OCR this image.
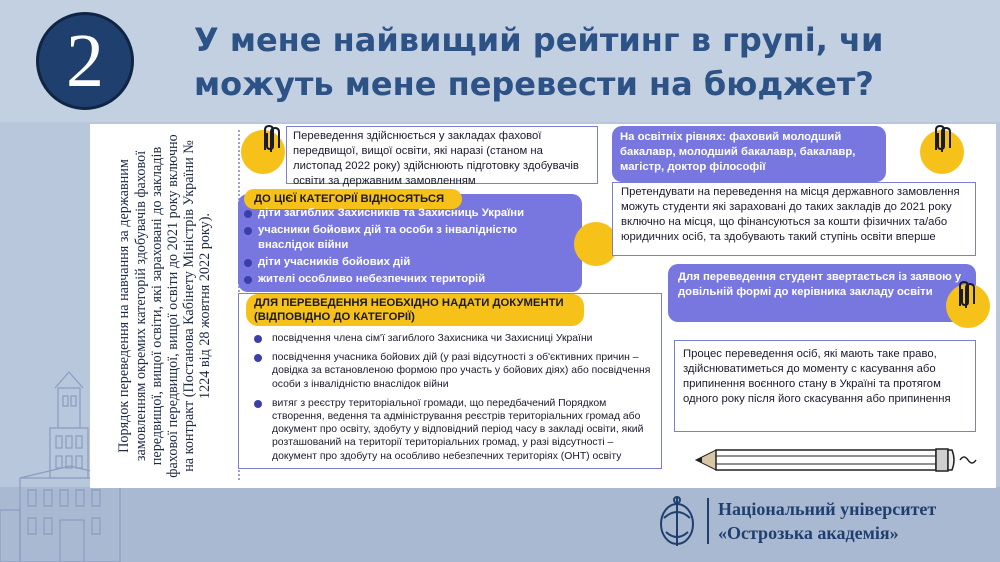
2	У мене найвищий рейтинг в групі, чи можуть мене перевести на бюджет?
Порядок переведення на навчання за державним замовленням окремих категорій здобувачів фахової передвищої, вищої освіти, які зараховані до закладів фахової передвищої, вищої освіти до 2021 року включно на контракт (Постанова Кабінету Міністрів України № 1224 від 28 жовтня 2022 року).
Переведення здійснюється у закладах фахової передвищої, вищої освіти, які наразі (станом на листопад 2022 року) здійснюють підготовку здобувачів освіти за державним замовленням
На освітніх рівнях: фаховий молодший бакалавр, молодший бакалавр, бакалавр, магістр, доктор філософії
ДО ЦІЄЇ КАТЕГОРІЇ ВІДНОСЯТЬСЯ
діти загиблих Захисників та Захисниць України
учасники бойових дій та особи з інвалідністю внаслідок війни
діти учасників бойових дій
жителі особливо небезпечних територій
Претендувати на переведення на місця державного замовлення можуть студенти які зараховані до таких закладів до 2021 року включно на місця, що фінансуються за кошти фізичних та/або юридичних осіб, та здобувають такий ступінь освіти вперше
Для переведення студент звертається із заявою у довільній формі до керівника закладу освіти
ДЛЯ ПЕРЕВЕДЕННЯ НЕОБХІДНО НАДАТИ ДОКУМЕНТИ (ВІДПОВІДНО ДО КАТЕГОРІЇ)
посвідчення члена сім'ї загиблого Захисника чи Захисниці України
посвідчення учасника бойових дій (у разі відсутності з об'єктивних причин – довідка за встановленою формою про участь у бойових діях) або посвідчення особи з інвалідністю внаслідок війни
витяг з реєстру територіальної громади, що передбачений Порядком створення, ведення та адміністрування реєстрів територіальних громад або документ про освіту, здобуту у відповідний період часу в закладі освіти, який розташований на території територіальних громад, у разі відсутності – документ про здобуту на особливо небезпечних територіях (ОНТ) освіту
Процес переведення осіб, які мають таке право, здійснюватиметься до моменту с касування або припинення воєнного стану в Україні та протягом одного року після його скасування або припинення
Національний університет
«Острозька академія»
